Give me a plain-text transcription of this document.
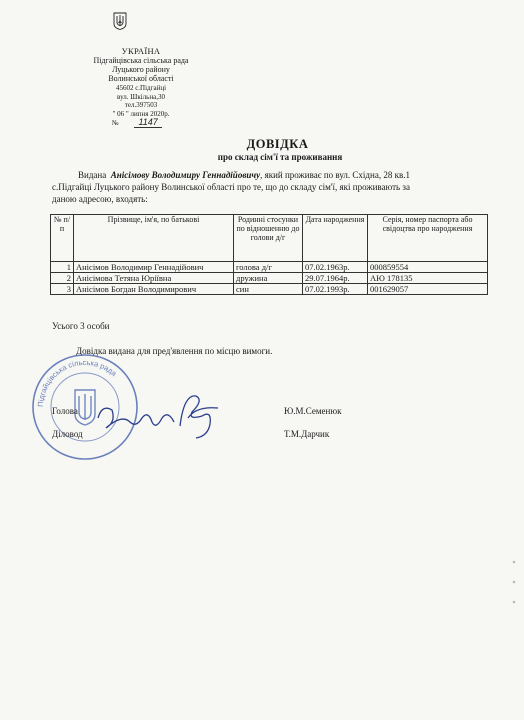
УКРАЇНА
Підгайцівська сільська рада
Луцького району
Волинської області
45602 с.Підгайці
вул. Шкільна,30
тел.397503
" 06 " липня 2020р.
№ 1147
ДОВІДКА
про склад сім'ї та проживання
Видана Анісімову Володимиру Геннадійовичу, який проживає по вул. Східна, 28 кв.1
с.Підгайці Луцького району Волинської області про те, що до складу сім'ї, які проживають за
даною адресою, входять:
№ п/п	Прізвище, ім'я, по батькові	Родинні стосунки по відношенню до голови д/г	Дата народження	Серія, номер паспорта або свідоцтва про народження
1	Анісімов Володимир Геннадійович	голова д/г	07.02.1963р.	000859554
2	Анісімова Тетяна Юріївна	дружина	29.07.1964р.	АЮ 178135
3	Анісімов Богдан Володимирович	син	07.02.1993р.	001629057
Усього 3 особи
Довідка видана для пред'явлення по місцю вимоги.
Підгайцівська сільська рада
Голова	Ю.М.Семенюк
Діловод	Т.М.Дарчик
